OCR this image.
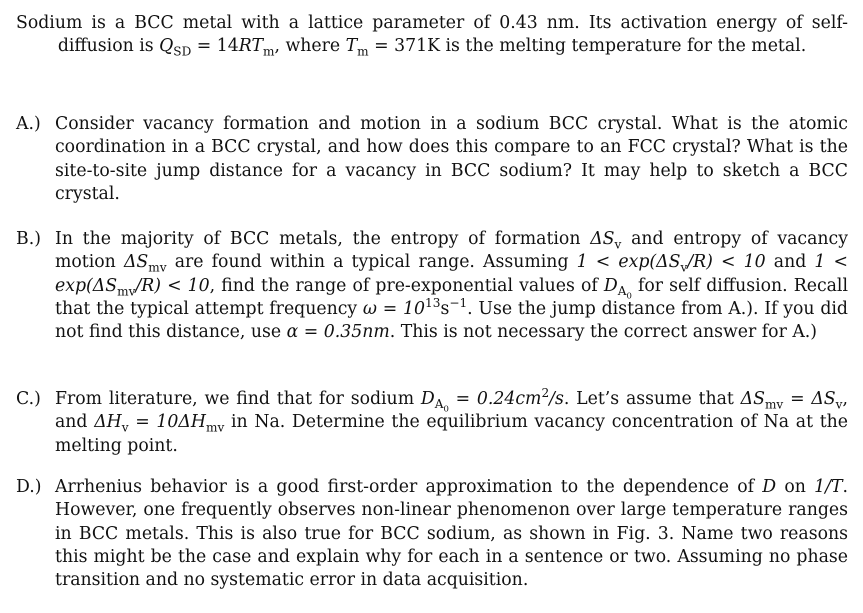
Sodium is a BCC metal with a lattice parameter of 0.43 nm. Its activation energy of self-diffusion is $Q_{SD} = 14RT_m$, where $T_m = 371K$ is the melting temperature for the metal.

A.) Consider vacancy formation and motion in a sodium BCC crystal. What is the atomic coordination in a BCC crystal, and how does this compare to an FCC crystal? What is the site-to-site jump distance for a vacancy in BCC sodium? It may help to sketch a BCC crystal.
B.) In the majority of BCC metals, the entropy of formation $\Delta S_v$ and entropy of vacancy motion $\Delta S_{mv}$ are found within a typical range. Assuming $1 < \exp(\Delta S_v/R) < 10$ and $1 < \exp(\Delta S_{mv}/R) < 10$, find the range of pre-exponential values of $D_{A_0}$ for self diffusion. Recall that the typical attempt frequency $\omega = 10^{13}s^{-1}$. Use the jump distance from A.). If you did not find this distance, use α = 0.35nm. This is not necessary the correct answer for A.)
C.) From literature, we find that for sodium $D_{A_0} = 0.24cm^2/s$. Let’s assume that $\Delta S_{mv} = \Delta S_v$, and $\Delta H_v = 10\Delta H_{mv}$ in Na. Determine the equilibrium vacancy concentration of Na at the melting point.
D.) Arrhenius behavior is a good first-order approximation to the dependence of D on 1/T. However, one frequently observes non-linear phenomenon over large temperature ranges in BCC metals. This is also true for BCC sodium, as shown in Fig. 3. Name two reasons this might be the case and explain why for each in a sentence or two. Assuming no phase transition and no systematic error in data acquisition.
